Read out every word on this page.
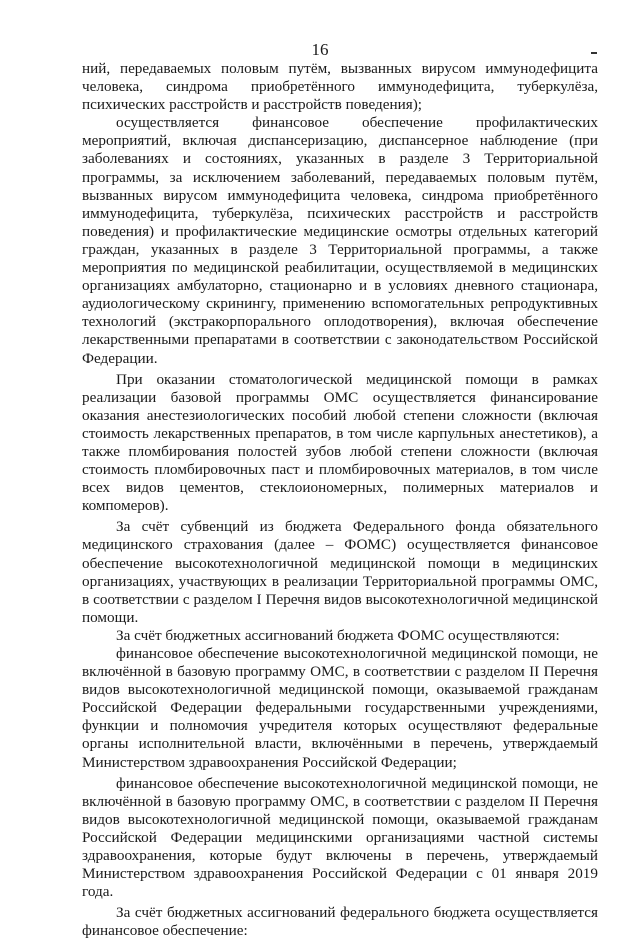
16

ний, передаваемых половым путём, вызванных вирусом иммунодефицита человека, синдрома приобретённого иммунодефицита, туберкулёза, психических расстройств и расстройств поведения);

осуществляется финансовое обеспечение профилактических мероприятий, включая диспансеризацию, диспансерное наблюдение (при заболеваниях и состояниях, указанных в разделе 3 Территориальной программы, за исключением заболеваний, передаваемых половым путём, вызванных вирусом иммунодефицита человека, синдрома приобретённого иммунодефицита, туберкулёза, психических расстройств и расстройств поведения) и профилактические медицинские осмотры отдельных категорий граждан, указанных в разделе 3 Территориальной программы, а также мероприятия по медицинской реабилитации, осуществляемой в медицинских организациях амбулаторно, стационарно и в условиях дневного стационара, аудиологическому скринингу, применению вспомогательных репродуктивных технологий (экстракорпорального оплодотворения), включая обеспечение лекарственными препаратами в соответствии с законодательством Российской Федерации.

При оказании стоматологической медицинской помощи в рамках реализации базовой программы ОМС осуществляется финансирование оказания анестезиологических пособий любой степени сложности (включая стоимость лекарственных препаратов, в том числе карпульных анестетиков), а также пломбирования полостей зубов любой степени сложности (включая стоимость пломбировочных паст и пломбировочных материалов, в том числе всех видов цементов, стеклоиономерных, полимерных материалов и компомеров).

За счёт субвенций из бюджета Федерального фонда обязательного медицинского страхования (далее – ФОМС) осуществляется финансовое обеспечение высокотехнологичной медицинской помощи в медицинских организациях, участвующих в реализации Территориальной программы ОМС, в соответствии с разделом I Перечня видов высокотехнологичной медицинской помощи.

За счёт бюджетных ассигнований бюджета ФОМС осуществляются:

финансовое обеспечение высокотехнологичной медицинской помощи, не включённой в базовую программу ОМС, в соответствии с разделом II Перечня видов высокотехнологичной медицинской помощи, оказываемой гражданам Российской Федерации федеральными государственными учреждениями, функции и полномочия учредителя которых осуществляют федеральные органы исполнительной власти, включёнными в перечень, утверждаемый Министерством здравоохранения Российской Федерации;

финансовое обеспечение высокотехнологичной медицинской помощи, не включённой в базовую программу ОМС, в соответствии с разделом II Перечня видов высокотехнологичной медицинской помощи, оказываемой гражданам Российской Федерации медицинскими организациями частной системы здравоохранения, которые будут включены в перечень, утверждаемый Министерством здравоохранения Российской Федерации с 01 января 2019 года.

За счёт бюджетных ассигнований федерального бюджета осуществляется финансовое обеспечение:
